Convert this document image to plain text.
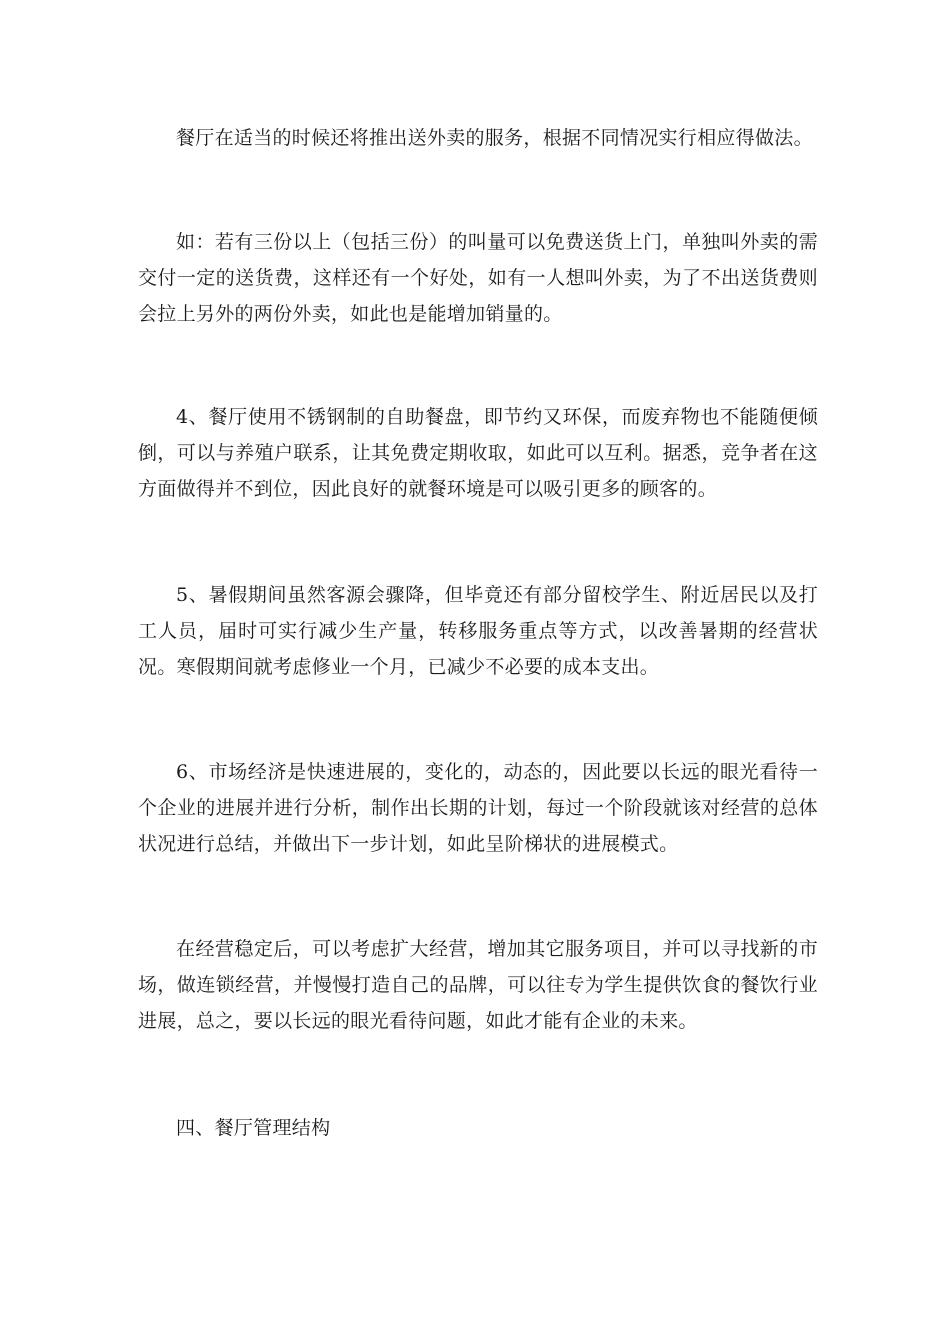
餐厅在适当的时候还将推出送外卖的服务，根据不同情况实行相应得做法。

如：若有三份以上（包括三份）的叫量可以免费送货上门，单独叫外卖的需交付一定的送货费，这样还有一个好处，如有一人想叫外卖，为了不出送货费则会拉上另外的两份外卖，如此也是能增加销量的。

4、餐厅使用不锈钢制的自助餐盘，即节约又环保，而废弃物也不能随便倾倒，可以与养殖户联系，让其免费定期收取，如此可以互利。据悉，竞争者在这方面做得并不到位，因此良好的就餐环境是可以吸引更多的顾客的。

5、暑假期间虽然客源会骤降，但毕竟还有部分留校学生、附近居民以及打工人员，届时可实行减少生产量，转移服务重点等方式，以改善暑期的经营状况。寒假期间就考虑修业一个月，已减少不必要的成本支出。

6、市场经济是快速进展的，变化的，动态的，因此要以长远的眼光看待一个企业的进展并进行分析，制作出长期的计划，每过一个阶段就该对经营的总体状况进行总结，并做出下一步计划，如此呈阶梯状的进展模式。

在经营稳定后，可以考虑扩大经营，增加其它服务项目，并可以寻找新的市场，做连锁经营，并慢慢打造自己的品牌，可以往专为学生提供饮食的餐饮行业进展，总之，要以长远的眼光看待问题，如此才能有企业的未来。

四、餐厅管理结构
